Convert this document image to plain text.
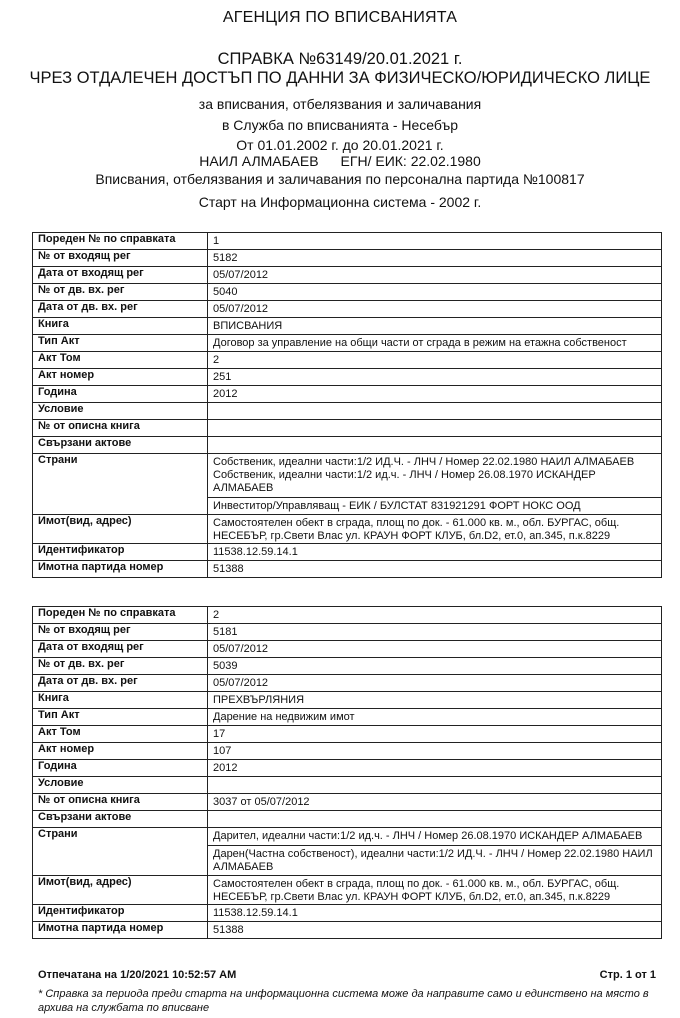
АГЕНЦИЯ ПО ВПИСВАНИЯТА
СПРАВКА №63149/20.01.2021 г.
ЧРЕЗ ОТДАЛЕЧЕН ДОСТЪП ПО ДАННИ ЗА ФИЗИЧЕСКО/ЮРИДИЧЕСКО ЛИЦЕ
за вписвания, отбелязвания и заличавания
в Служба по вписванията - Несебър
От 01.01.2002 г. до 20.01.2021 г.
НАИЛ АЛМАБАЕВ ЕГН/ ЕИК: 22.02.1980
Вписвания, отбелязвания и заличавания по персонална партида №100817
Старт на Информационна система - 2002 г.
Пореден № по справката	1
№ от входящ рег	5182
Дата от входящ рег	05/07/2012
№ от дв. вх. рег	5040
Дата от дв. вх. рег	05/07/2012
Книга	ВПИСВАНИЯ
Тип Акт	Договор за управление на общи части от сграда в режим на етажна собственост
Акт Том	2
Акт номер	251
Година	2012
Условие	
№ от описна книга	
Свързани актове	
Страни	Собственик, идеални части:1/2 ИД.Ч. - ЛНЧ / Номер 22.02.1980 НАИЛ АЛМАБАЕВ
Собственик, идеални части:1/2 ид.ч. - ЛНЧ / Номер 26.08.1970 ИСКАНДЕР АЛМАБАЕВ
Инвеститор/Управляващ - ЕИК / БУЛСТАТ 831921291 ФОРТ НОКС ООД

Имот(вид, адрес)	Самостоятелен обект в сграда, площ по док. - 61.000 кв. м., обл. БУРГАС, общ. НЕСЕБЪР, гр.Свети Влас ул. КРАУН ФОРТ КЛУБ, бл.D2, ет.0, ап.345, п.к.8229
Идентификатор	11538.12.59.14.1
Имотна партида номер	51388
Пореден № по справката	2
№ от входящ рег	5181
Дата от входящ рег	05/07/2012
№ от дв. вх. рег	5039
Дата от дв. вх. рег	05/07/2012
Книга	ПРЕХВЪРЛЯНИЯ
Тип Акт	Дарение на недвижим имот
Акт Том	17
Акт номер	107
Година	2012
Условие	
№ от описна книга	3037 от 05/07/2012
Свързани актове	
Страни	Дарител, идеални части:1/2 ид.ч. - ЛНЧ / Номер 26.08.1970 ИСКАНДЕР АЛМАБАЕВ
Дарен(Частна собственост), идеални части:1/2 ИД.Ч. - ЛНЧ / Номер 22.02.1980 НАИЛ АЛМАБАЕВ

Имот(вид, адрес)	Самостоятелен обект в сграда, площ по док. - 61.000 кв. м., обл. БУРГАС, общ. НЕСЕБЪР, гр.Свети Влас ул. КРАУН ФОРТ КЛУБ, бл.D2, ет.0, ап.345, п.к.8229
Идентификатор	11538.12.59.14.1
Имотна партида номер	51388
Отпечатана на 1/20/2021 10:52:57 AM	Стр. 1 от 1
* Справка за периода преди старта на информационна система може да направите само и единствено на място в архива на службата по вписване
